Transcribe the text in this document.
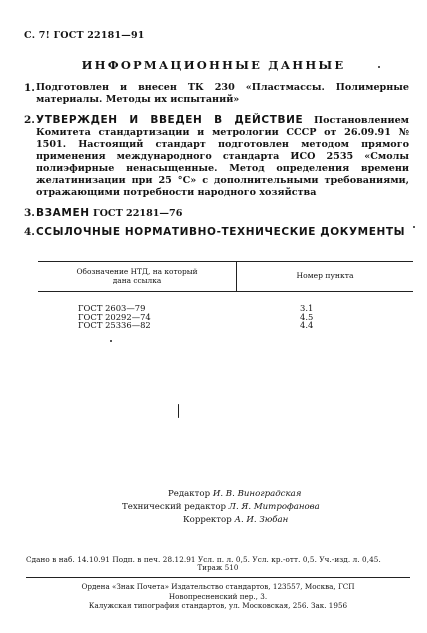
С. 7! ГОСТ 22181—91
ИНФОРМАЦИОННЫЕ ДАННЫЕ
1. Подготовлен и внесен ТК 230 «Пластмассы. Полимерные материалы. Методы их испытаний»
2. УТВЕРЖДЕН И ВВЕДЕН В ДЕЙСТВИЕ Постановлением Комитета стандартизации и метрологии СССР от 26.09.91 № 1501. Настоящий стандарт подготовлен методом прямого применения международного стандарта ИСО 2535 «Смолы полиэфирные ненасыщенные. Метод определения времени желатинизации при 25 °С» с дополнительными требованиями, отражающими потребности народного хозяйства
3. ВЗАМЕН ГОСТ 22181—76
4. ССЫЛОЧНЫЕ НОРМАТИВНО-ТЕХНИЧЕСКИЕ ДОКУМЕНТЫ
Обозначение НТД, на который
дана ссылка
Номер пункта
ГОСТ 2603—79	3.1
ГОСТ 20292—74	4.5
ГОСТ 25336—82	4.4
Редактор И. В. Виноградская
Технический редактор Л. Я. Митрофанова
Корректор А. И. Зюбан
Сдано в наб. 14.10.91 Подп. в печ. 28.12.91 Усл. п. л. 0,5. Усл. кр.-отт. 0,5. Уч.-изд. л. 0,45.
Тираж 510
Ордена «Знак Почета» Издательство стандартов, 123557, Москва, ГСП
Новопресненский пер., 3.
Калужская типография стандартов, ул. Московская, 256. Зак. 1956
